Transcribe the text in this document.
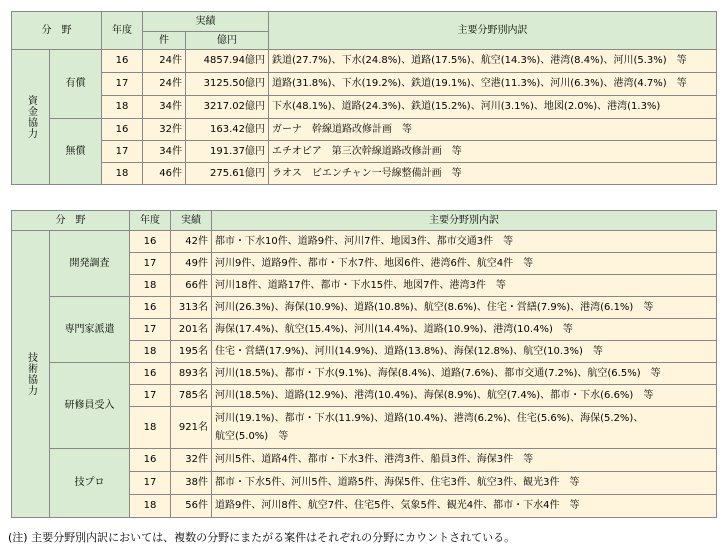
分　野		年度	実績		主要分野別内訳
			件	億円	
資金協力	有償	16	24件	4857.94億円	鉄道(27.7%)、下水(24.8%)、道路(17.5%)、航空(14.3%)、港湾(8.4%)、河川(5.3%)　等
		17	24件	3125.50億円	道路(31.8%)、下水(19.2%)、鉄道(19.1%)、空港(11.3%)、河川(6.3%)、港湾(4.7%)　等
		18	34件	3217.02億円	下水(48.1%)、道路(24.3%)、鉄道(15.2%)、河川(3.1%)、地図(2.0%)、港湾(1.3%)
	無償	16	32件	163.42億円	ガーナ　幹線道路改修計画　等
		17	34件	191.37億円	エチオピア　第三次幹線道路改修計画　等
		18	46件	275.61億円	ラオス　ビエンチャン一号線整備計画　等
分　野		年度	実績	主要分野別内訳
技術協力	開発調査	16	42件	都市・下水10件、道路9件、河川7件、地図3件、都市交通3件　等
		17	49件	河川9件、道路9件、都市・下水7件、地図6件、港湾6件、航空4件　等
		18	66件	河川18件、道路17件、都市・下水15件、地図7件、港湾3件　等
	専門家派遣	16	313名	河川(26.3%)、海保(10.9%)、道路(10.8%)、航空(8.6%)、住宅・営繕(7.9%)、港湾(6.1%)　等
		17	201名	海保(17.4%)、航空(15.4%)、河川(14.4%)、道路(10.9%)、港湾(10.4%)　等
		18	195名	住宅・営繕(17.9%)、河川(14.9%)、道路(13.8%)、海保(12.8%)、航空(10.3%)　等
	研修員受入	16	893名	河川(18.5%)、都市・下水(9.1%)、海保(8.4%)、道路(7.6%)、都市交通(7.2%)、航空(6.5%)　等
		17	785名	河川(18.5%)、道路(12.9%)、港湾(10.4%)、海保(8.9%)、航空(7.4%)、都市・下水(6.6%)　等
		18	921名	河川(19.1%)、都市・下水(11.9%)、道路(10.4%)、港湾(6.2%)、住宅(5.6%)、海保(5.2%)、
航空(5.0%)　等
	技プロ	16	32件	河川5件、道路4件、都市・下水3件、港湾3件、船員3件、海保3件　等
		17	38件	都市・下水5件、河川5件、道路5件、海保5件、住宅3件、航空3件、観光3件　等
		18	56件	道路9件、河川8件、航空7件、住宅5件、気象5件、観光4件、都市・下水4件　等
(注) 主要分野別内訳においては、複数の分野にまたがる案件はそれぞれの分野にカウントされている。
